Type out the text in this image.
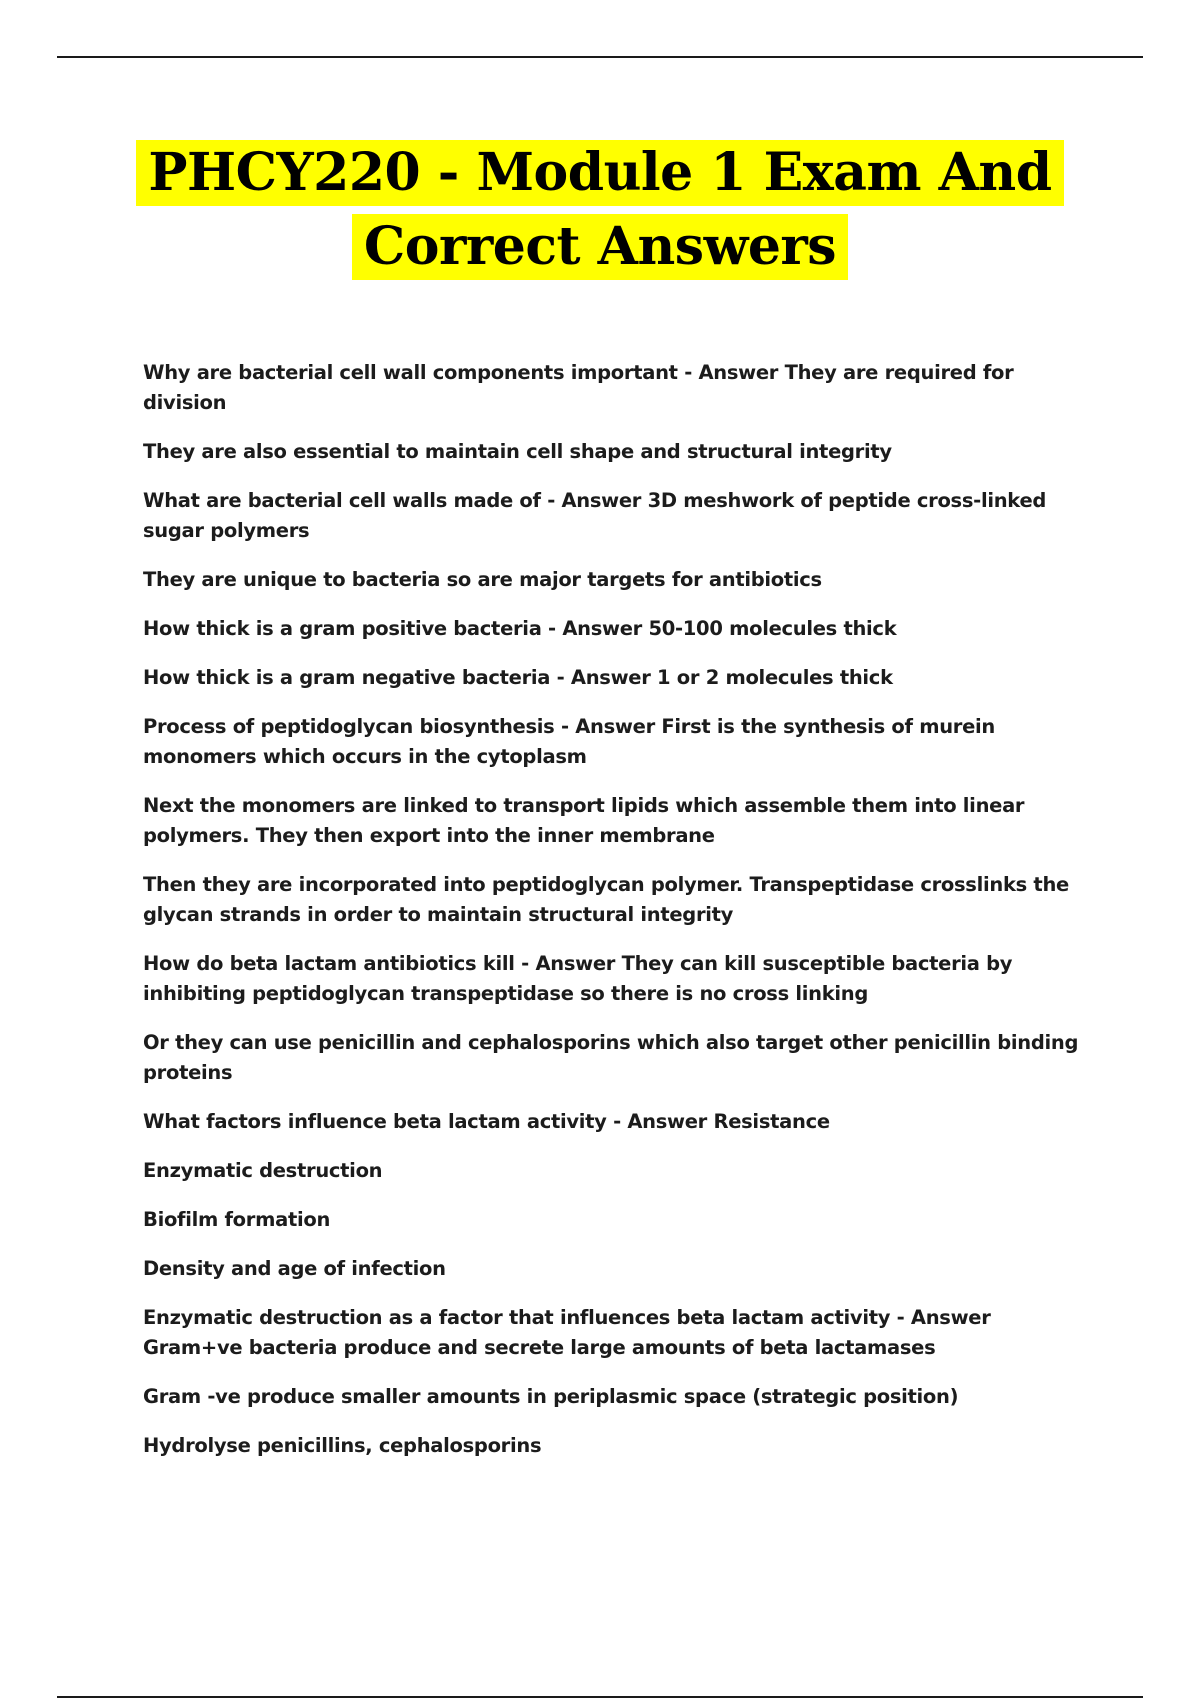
PHCY220 - Module 1 Exam And
Correct Answers

Why are bacterial cell wall components important - Answer They are required for division

They are also essential to maintain cell shape and structural integrity

What are bacterial cell walls made of - Answer 3D meshwork of peptide cross-linked sugar polymers

They are unique to bacteria so are major targets for antibiotics

How thick is a gram positive bacteria - Answer 50-100 molecules thick

How thick is a gram negative bacteria - Answer 1 or 2 molecules thick

Process of peptidoglycan biosynthesis - Answer First is the synthesis of murein monomers which occurs in the cytoplasm

Next the monomers are linked to transport lipids which assemble them into linear polymers. They then export into the inner membrane

Then they are incorporated into peptidoglycan polymer. Transpeptidase crosslinks the glycan strands in order to maintain structural integrity

How do beta lactam antibiotics kill - Answer They can kill susceptible bacteria by inhibiting peptidoglycan transpeptidase so there is no cross linking

Or they can use penicillin and cephalosporins which also target other penicillin binding proteins

What factors influence beta lactam activity - Answer Resistance

Enzymatic destruction

Biofilm formation

Density and age of infection

Enzymatic destruction as a factor that influences beta lactam activity - Answer Gram+ve bacteria produce and secrete large amounts of beta lactamases

Gram -ve produce smaller amounts in periplasmic space (strategic position)

Hydrolyse penicillins, cephalosporins
